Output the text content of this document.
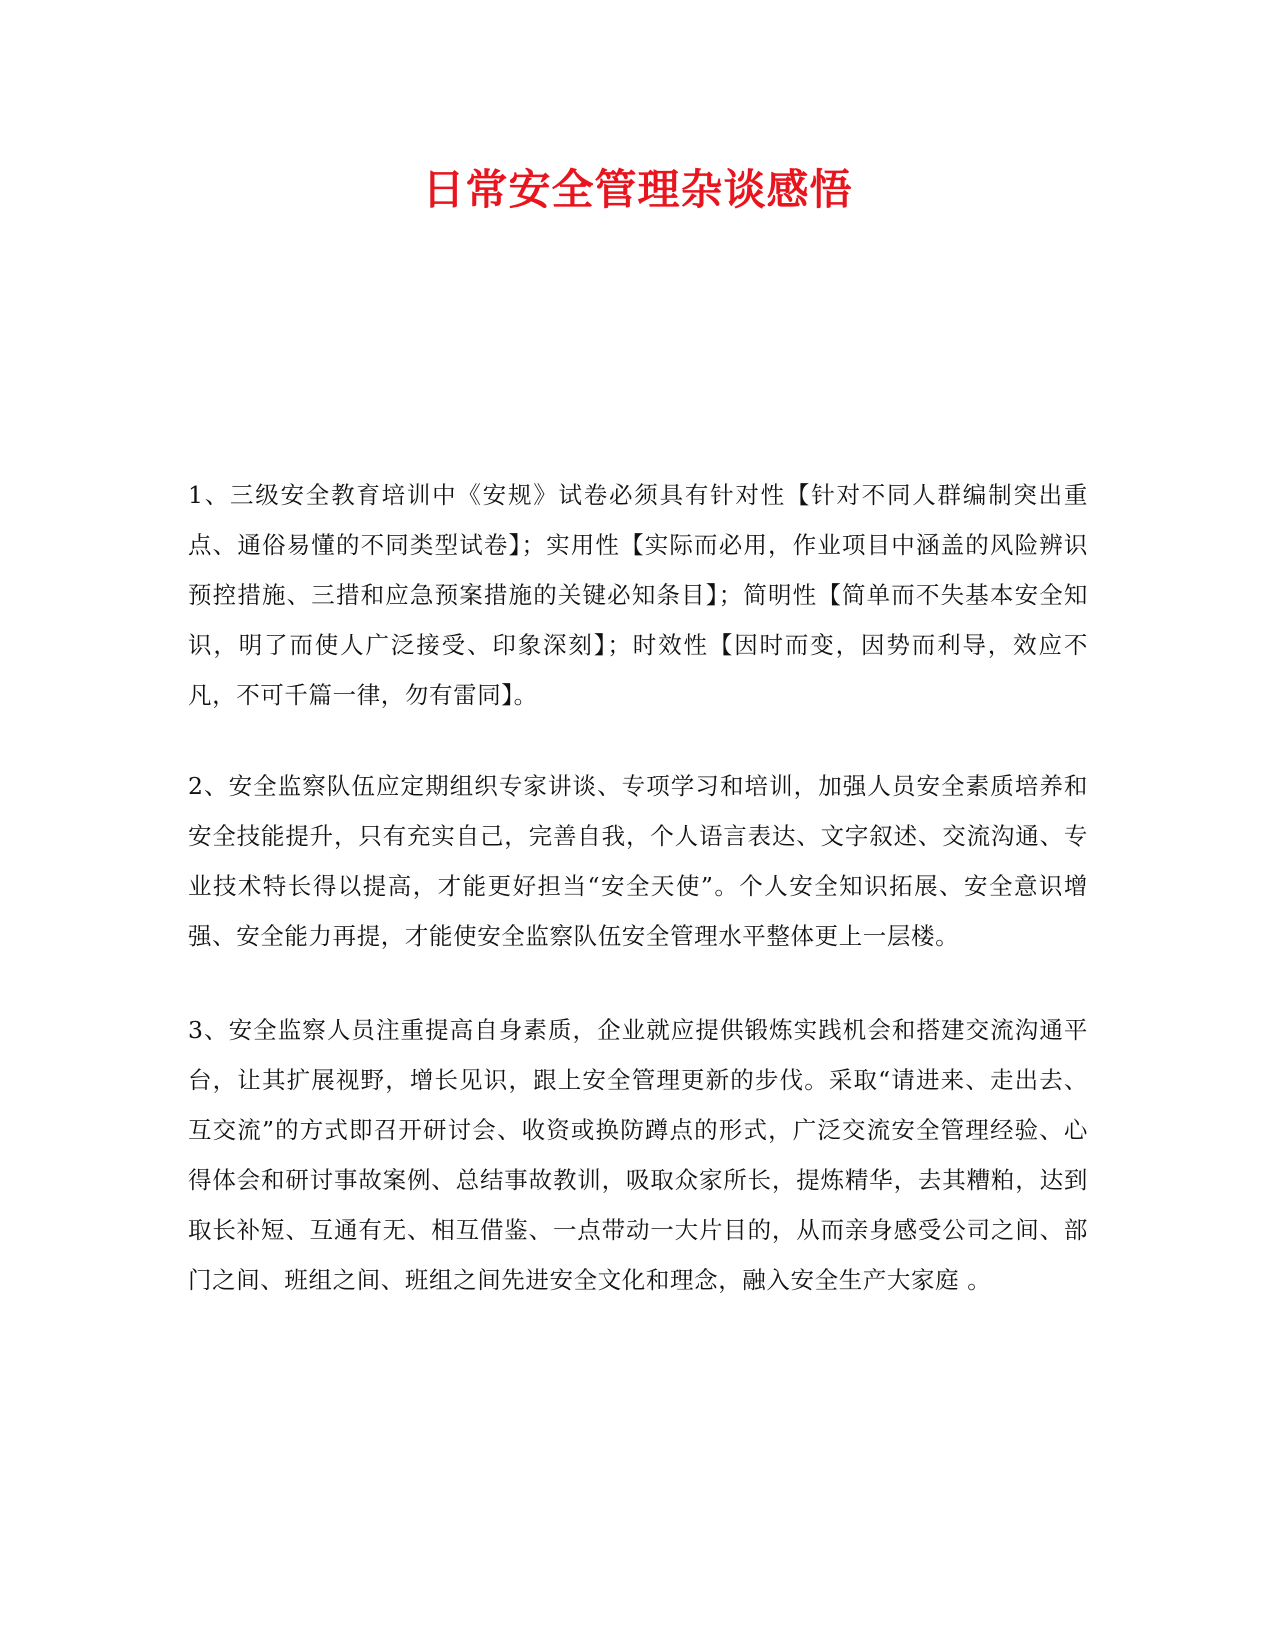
日常安全管理杂谈感悟

1、三级安全教育培训中《安规》试卷必须具有针对性【针对不同人群编制突出重点、通俗易懂的不同类型试卷】；实用性【实际而必用，作业项目中涵盖的风险辨识预控措施、三措和应急预案措施的关键必知条目】；简明性【简单而不失基本安全知识，明了而使人广泛接受、印象深刻】；时效性【因时而变，因势而利导，效应不凡，不可千篇一律，勿有雷同】。

2、安全监察队伍应定期组织专家讲谈、专项学习和培训，加强人员安全素质培养和安全技能提升，只有充实自己，完善自我，个人语言表达、文字叙述、交流沟通、专业技术特长得以提高，才能更好担当“安全天使”。个人安全知识拓展、安全意识增强、安全能力再提，才能使安全监察队伍安全管理水平整体更上一层楼。

3、安全监察人员注重提高自身素质，企业就应提供锻炼实践机会和搭建交流沟通平台，让其扩展视野，增长见识，跟上安全管理更新的步伐。采取“请进来、走出去、互交流”的方式即召开研讨会、收资或换防蹲点的形式，广泛交流安全管理经验、心得体会和研讨事故案例、总结事故教训，吸取众家所长，提炼精华，去其糟粕，达到取长补短、互通有无、相互借鉴、一点带动一大片目的，从而亲身感受公司之间、部门之间、班组之间、班组之间先进安全文化和理念，融入安全生产大家庭 。
